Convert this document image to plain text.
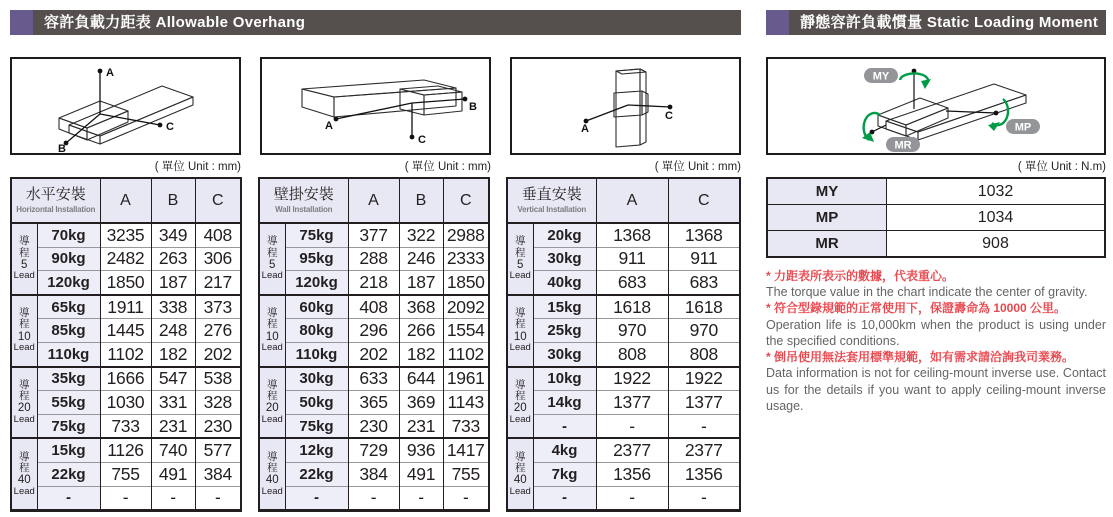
容許負載力距表 Allowable Overhang
A
C
B
A
B
C
A
C
( 單位 Unit : mm)	( 單位 Unit : mm)	( 單位 Unit : mm)
水平安裝
Horizontal Installation		A	B	C

導
程
5
Lead	70kg	3235	349	408
	90kg	2482	263	306
	120kg	1850	187	217

導
程
10
Lead	65kg	1911	338	373
	85kg	1445	248	276
	110kg	1102	182	202

導
程
20
Lead	35kg	1666	547	538
	55kg	1030	331	328
	75kg	733	231	230

導
程
40
Lead	15kg	1126	740	577
	22kg	755	491	384
	-	-	-	-
壁掛安裝
Wall Installation		A	B	C

導
程
5
Lead	75kg	377	322	2988
	95kg	288	246	2333
	120kg	218	187	1850

導
程
10
Lead	60kg	408	368	2092
	80kg	296	266	1554
	110kg	202	182	1102

導
程
20
Lead	30kg	633	644	1961
	50kg	365	369	1143
	75kg	230	231	733

導
程
40
Lead	12kg	729	936	1417
	22kg	384	491	755
	-	-	-	-
垂直安裝
Vertical Installation		A	C

導
程
5
Lead	20kg	1368	1368
	30kg	911	911
	40kg	683	683

導
程
10
Lead	15kg	1618	1618
	25kg	970	970
	30kg	808	808

導
程
20
Lead	10kg	1922	1922
	14kg	1377	1377
	-	-	-

導
程
40
Lead	4kg	2377	2377
	7kg	1356	1356
	-	-	-
靜態容許負載慣量 Static Loading Moment
MY
MP
MR
( 單位 Unit : N.m)
MY	1032
MP	1034
MR	908
* 力距表所表示的數據，代表重心。
The torque value in the chart indicate the center of gravity.
* 符合型錄規範的正常使用下，保證壽命為 10000 公里。
Operation life is 10,000km when the product is using under the specified conditions.
* 倒吊使用無法套用標準規範，如有需求請洽詢我司業務。
Data information is not for ceiling-mount inverse use. Contact us for the details if you want to apply ceiling-mount inverse usage.
